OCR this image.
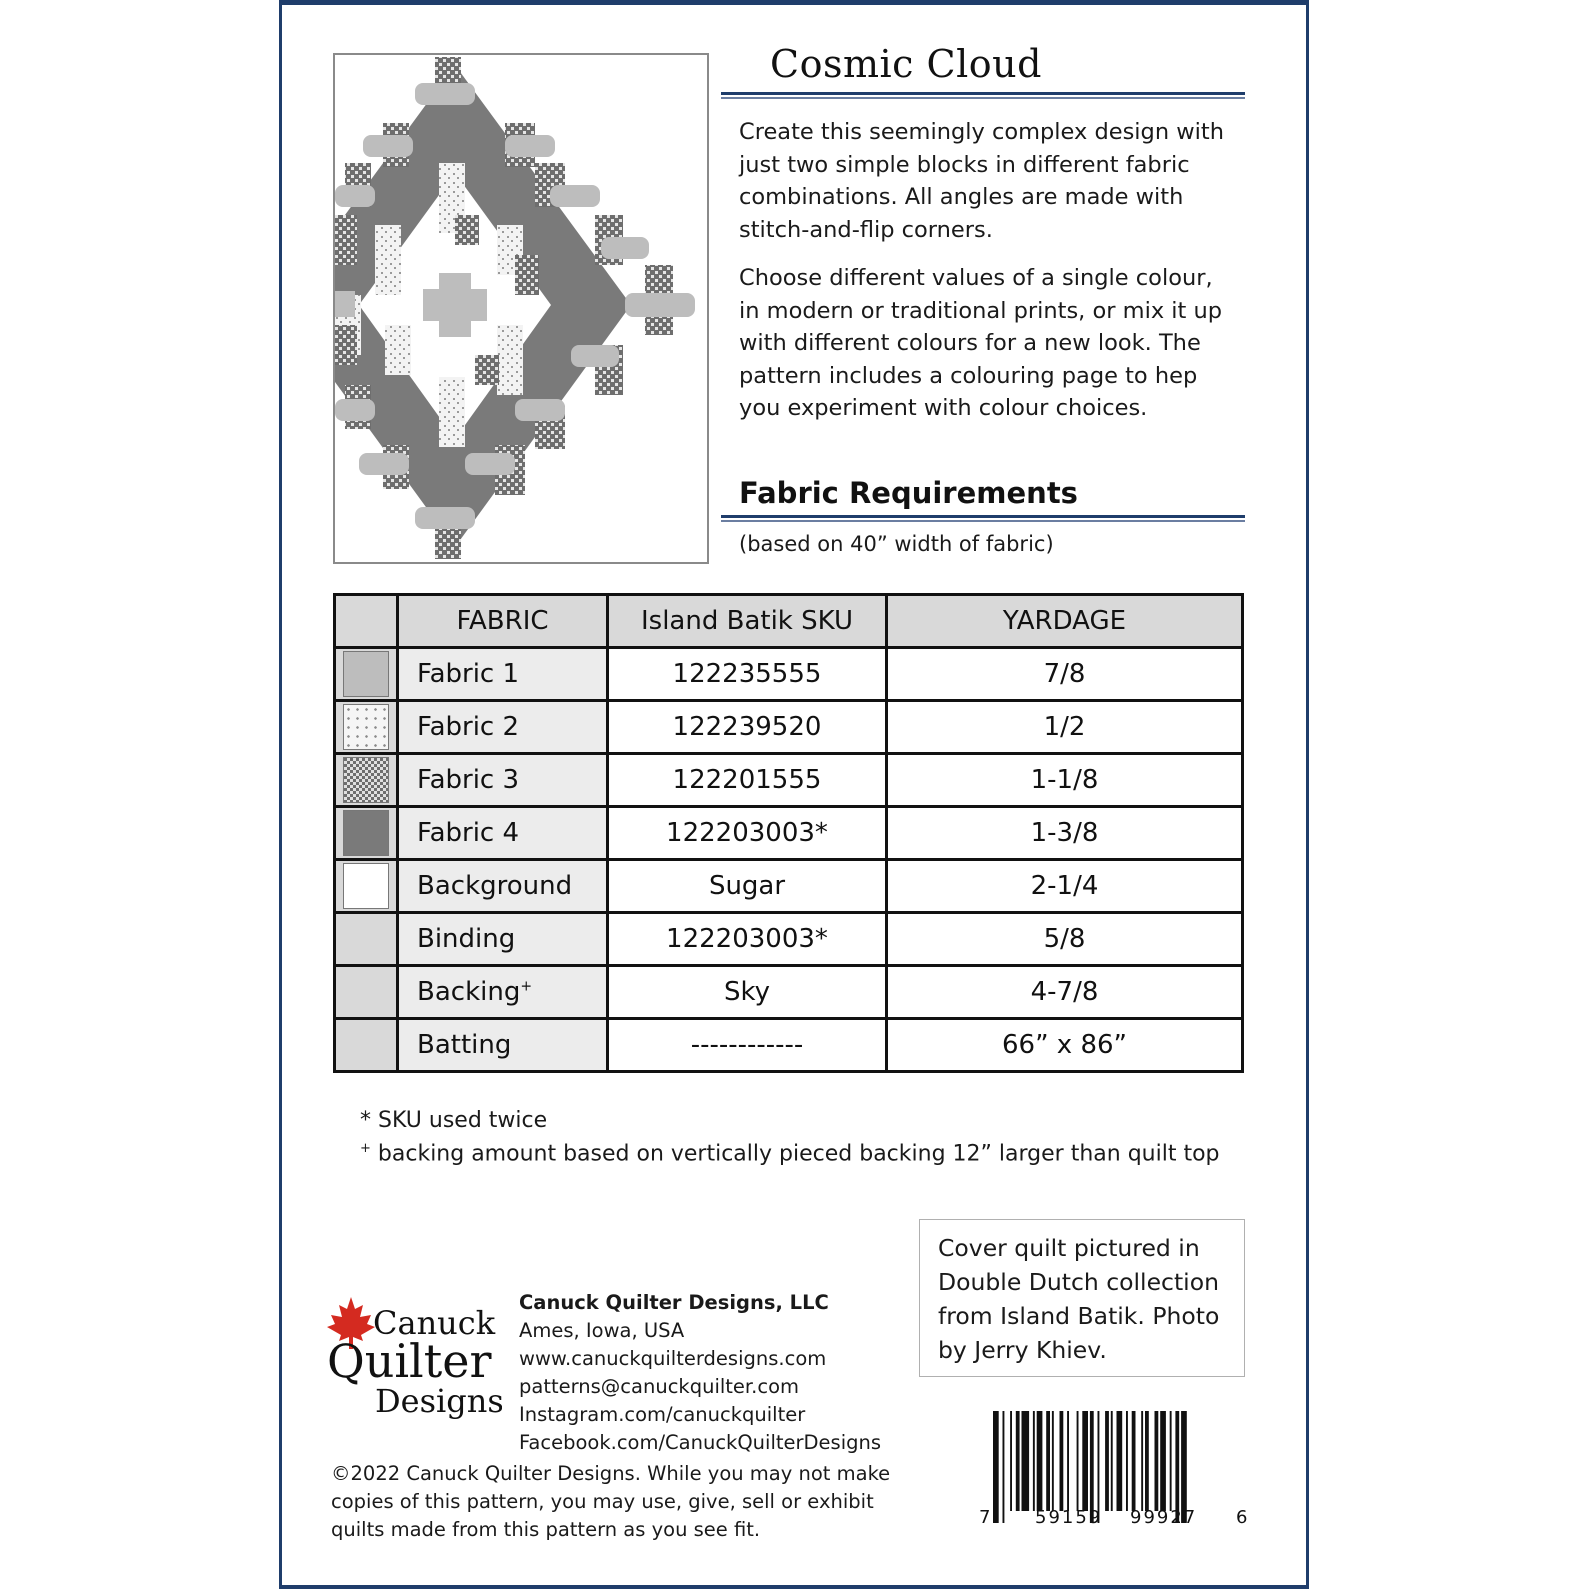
Cosmic Cloud

Create this seemingly complex design with just two simple blocks in different fabric combinations. All angles are made with stitch-and-flip corners.

Choose different values of a single colour, in modern or traditional prints, or mix it up with different colours for a new look. The pattern includes a colouring page to hep you experiment with colour choices.

Fabric Requirements
(based on 40” width of fabric)
	FABRIC	Island Batik SKU	YARDAGE
	Fabric 1	122235555	7/8
	Fabric 2	122239520	1/2
	Fabric 3	122201555	1-1/8
	Fabric 4	122203003*	1-3/8
	Background	Sugar	2-1/4
	Binding	122203003*	5/8
	Backing+	Sky	4-7/8
	Batting	------------	66” x 86”
* SKU used twice
+ backing amount based on vertically pieced backing 12” larger than quilt top
Cover quilt pictured in Double Dutch collection from Island Batik. Photo by Jerry Khiev.
Canuck
Quilter
Designs
Canuck Quilter Designs, LLC
Ames, Iowa, USA
www.canuckquilterdesigns.com
patterns@canuckquilter.com
Instagram.com/canuckquilter
Facebook.com/CanuckQuilterDesigns
©2022 Canuck Quilter Designs. While you may not make copies of this pattern, you may use, give, sell or exhibit quilts made from this pattern as you see fit.
7 59159 99927 6
